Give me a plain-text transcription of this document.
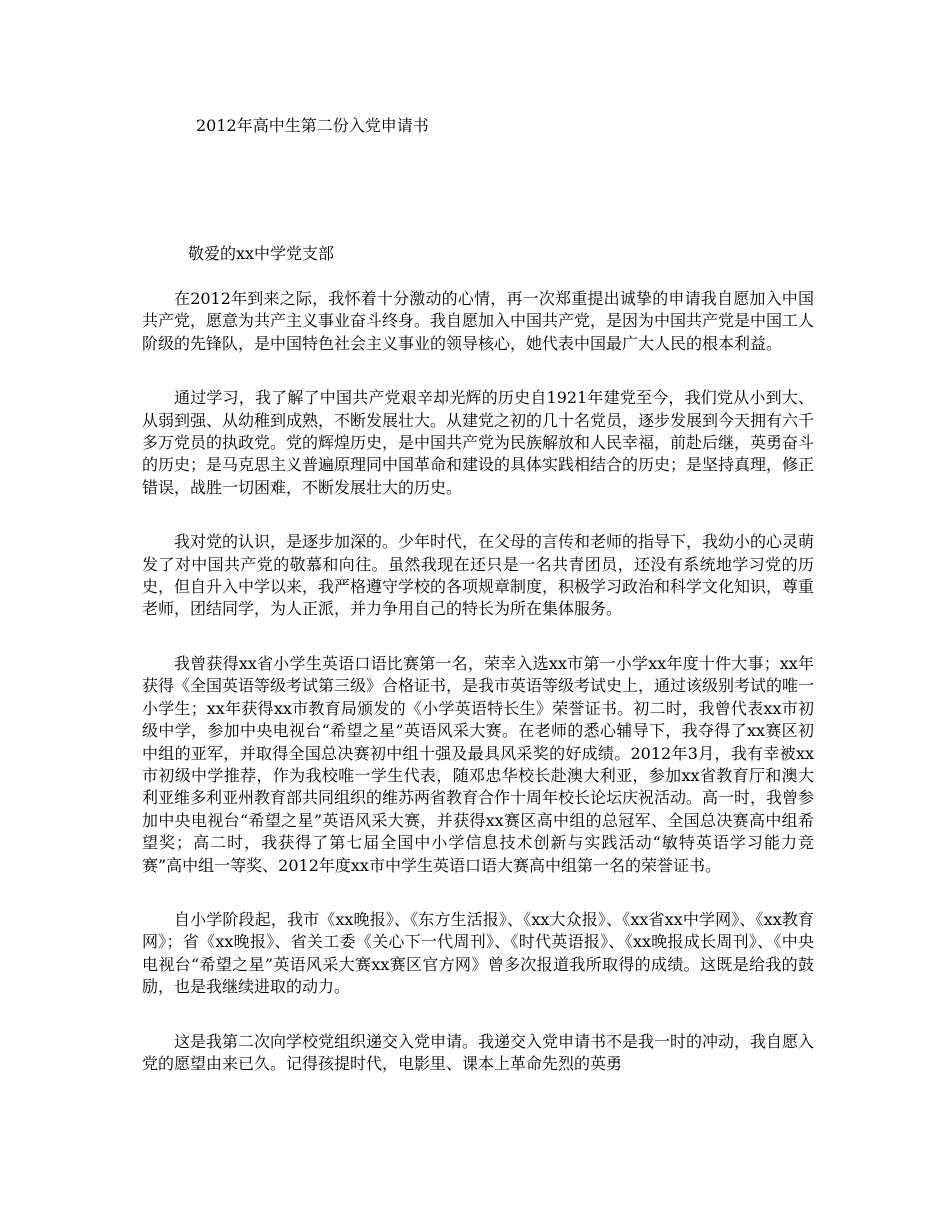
2012年高中生第二份入党申请书
敬爱的xx中学党支部

在2012年到来之际，我怀着十分激动的心情，再一次郑重提出诚挚的申请我自愿加入中国共产党，愿意为共产主义事业奋斗终身。我自愿加入中国共产党，是因为中国共产党是中国工人阶级的先锋队，是中国特色社会主义事业的领导核心，她代表中国最广大人民的根本利益。

通过学习，我了解了中国共产党艰辛却光辉的历史自1921年建党至今，我们党从小到大、从弱到强、从幼稚到成熟，不断发展壮大。从建党之初的几十名党员，逐步发展到今天拥有六千多万党员的执政党。党的辉煌历史，是中国共产党为民族解放和人民幸福，前赴后继，英勇奋斗的历史；是马克思主义普遍原理同中国革命和建设的具体实践相结合的历史；是坚持真理，修正错误，战胜一切困难，不断发展壮大的历史。

我对党的认识，是逐步加深的。少年时代，在父母的言传和老师的指导下，我幼小的心灵萌发了对中国共产党的敬慕和向往。虽然我现在还只是一名共青团员，还没有系统地学习党的历史，但自升入中学以来，我严格遵守学校的各项规章制度，积极学习政治和科学文化知识，尊重老师，团结同学，为人正派，并力争用自己的特长为所在集体服务。

我曾获得xx省小学生英语口语比赛第一名，荣幸入选xx市第一小学xx年度十件大事；xx年获得《全国英语等级考试第三级》合格证书，是我市英语等级考试史上，通过该级别考试的唯一小学生；xx年获得xx市教育局颁发的《小学英语特长生》荣誉证书。初二时，我曾代表xx市初级中学，参加中央电视台“希望之星”英语风采大赛。在老师的悉心辅导下，我夺得了xx赛区初中组的亚军，并取得全国总决赛初中组十强及最具风采奖的好成绩。2012年3月，我有幸被xx市初级中学推荐，作为我校唯一学生代表，随邓忠华校长赴澳大利亚，参加xx省教育厅和澳大利亚维多利亚州教育部共同组织的维苏两省教育合作十周年校长论坛庆祝活动。高一时，我曾参加中央电视台“希望之星”英语风采大赛，并获得xx赛区高中组的总冠军、全国总决赛高中组希望奖；高二时，我获得了第七届全国中小学信息技术创新与实践活动“敏特英语学习能力竞赛”高中组一等奖、2012年度xx市中学生英语口语大赛高中组第一名的荣誉证书。

自小学阶段起，我市《xx晚报》、《东方生活报》、《xx大众报》、《xx省xx中学网》、《xx教育网》；省《xx晚报》、省关工委《关心下一代周刊》、《时代英语报》、《xx晚报成长周刊》、《中央电视台“希望之星”英语风采大赛xx赛区官方网》曾多次报道我所取得的成绩。这既是给我的鼓励，也是我继续进取的动力。

这是我第二次向学校党组织递交入党申请。我递交入党申请书不是我一时的冲动，我自愿入党的愿望由来已久。记得孩提时代，电影里、课本上革命先烈的英勇
